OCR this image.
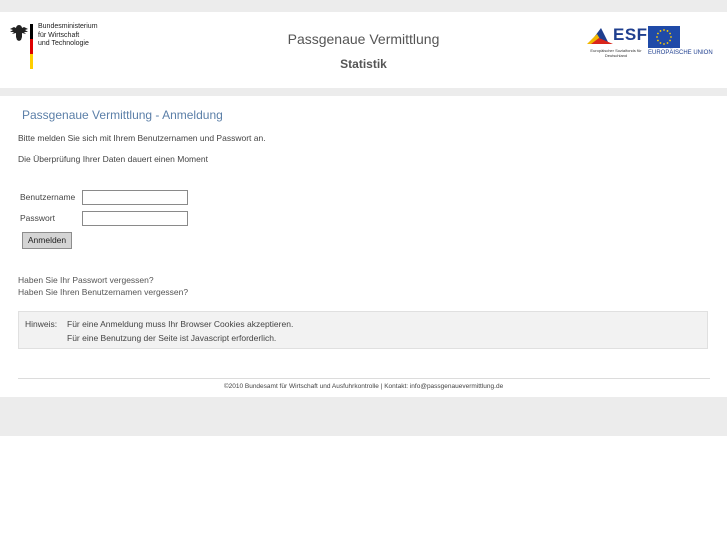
Bundesministerium
für Wirtschaft
und Technologie	Passgenaue Vermittlung
Statistik
ESF
Europäischer Sozialfonds für Deutschland	EUROPÄISCHE UNION
Passgenaue Vermittlung - Anmeldung
Bitte melden Sie sich mit Ihrem Benutzernamen und Passwort an.
Die Überprüfung Ihrer Daten dauert einen Moment
Benutzername
Passwort
Anmelden
Haben Sie Ihr Passwort vergessen?
Haben Sie Ihren Benutzernamen vergessen?
Hinweis: Für eine Anmeldung muss Ihr Browser Cookies akzeptieren.
Für eine Benutzung der Seite ist Javascript erforderlich.
©2010 Bundesamt für Wirtschaft und Ausfuhrkontrolle | Kontakt: info@passgenauevermittlung.de
